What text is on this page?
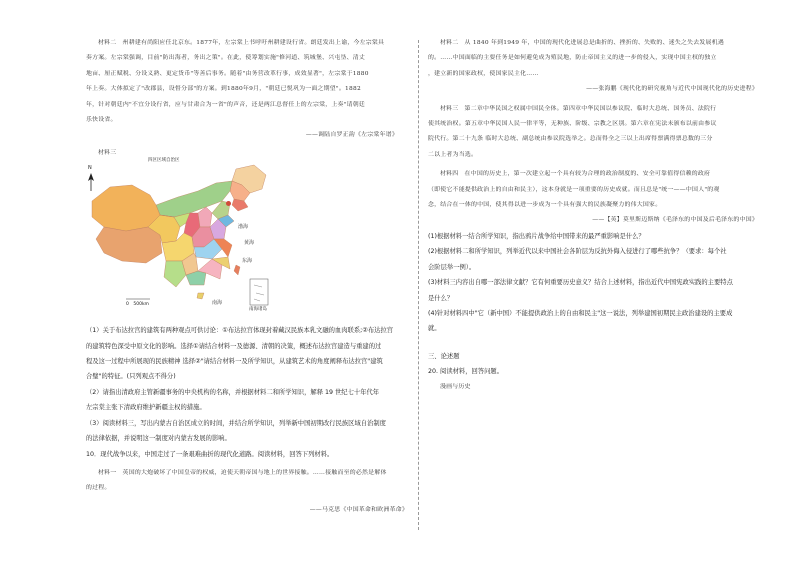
材料二　州耕建有尚阳应任北京东。1877年，左宗棠上书呼吁州耕建设行省。朗廷发出上谕，今左宗棠具

奏方案。左宗棠强调，目前"防出海者，务出之策"。在此，使筹划实施"修河道、筑城堡、兴屯垦、清丈

地亩、厘正赋税、分设义熟、更定货币"等善后事务。随着"由务营改革行事，成效显著"，左宗棠于1880

年上奏。大体拟定了"改郡县，设督分部"的方案。到1880年9月，"朝廷已悦巩为一面之期望"。1882

年，针对朝廷内"不宜分设行省，应与甘肃合为一省"的声音，还是两江总督任上的左宗棠，上奏"请朝廷

乐快设省。

——调陆自罗正韵《左宗棠年谱》

材料三

N
四区区域自治区
渤海
黄海
东海
南海
南海诸岛
0　500km

（1）关于布达拉宫的建筑有两种观点可供讨论：①布达拉宫体现封着藏汉民族本乳文融的血肉联系;②布达拉宫

的建筑特色深受中原文化的影响。选择①请结合材料一及德源、清朝的决策，概述布达拉宫建造与重建的过

程及这一过程中所展现的民族精神 选择②"请结合材料一及所学知识，从建筑艺术的角度阐释布达拉宫"建筑

合璧"的特征。(只列观点不得分)

（2）请指出清政府主管新疆事务的中央机构的名称，并根据材料二和所学知识，解释 19 世纪七十年代年

左宗棠主张下清政府维护新疆主权的措施。

（3）阅读材料三，写出内蒙古自治区成立的时间，并结合所学知识，列举新中国初期改行民族区域自治制度

的法律依据，并说明这一制度对内蒙古发展的影响。

10．现代战争以来，中国走过了一条艰难曲折的现代化道路。阅读材料，回答下列材料。

材料一　英国的大炮破坏了中国皇帝的权威，迫使天朝帝国与地上的世界接触。……接触而至的必然是解体

的过程。

——马克思《中国革命和欧洲革命》

材料二　从 1840 年到1949 年，中国的现代化进展总是曲折的、挫折的、失败的、迷失之失去发展机遇

的。……中国面临的主要任务是如何避免成为殖民地，防止帝国主义的进一步的侵入，实现中国主权的独立

，建立新的国家政权，使国家民主化……

——张海鹏《现代化的研究视角与近代中国现代化的历史进程》

材料三　第二章中华民国之权属中国民全体。第四章中华民国以参议院、临时大总统、国务员、法院行

使其统治权。第五章中华民国人民一律平等，无种族、阶级、宗教之区别。第六章在宪法未颁布以前由参议

院代行。第二十九条 临时大总统、副总统由参议院选举之。总而得全之三以上出席得票满得票总数的三分

二以上者为当选。

材料四　在中国的历史上，第一次建立起一个具有较为合理的政治制度的、安全可靠值得信赖的政府

（即使它不能提供政治上的自由和民主），这本身就是一项重要的历史成就。而且总是"统一——中国人"的观

念，结合在一体的中国，使其得以进一步成为一个具有强大的民族凝聚力的伟大国家。

——【英】莫里斯迈斯纳《毛泽东的中国及后毛泽东的中国》

(1)根据材料一结合所学知识，指出鸦片战争给中国带来的最严重影响是什么？

(2)根据材料二和所学知识，列举近代以来中国社会各阶层为反抗外侮入侵进行了哪些抗争？（要求：每个社

会阶层举一例）。

(3)材料三内容出自哪一部法律文献？它有何重要历史意义？结合上述材料，指出近代中国宪政实践的主要特点

是什么？

(4)针对材料四中"它（新中国）不能提供政治上的自由和民主"这一说法，列举建国初期民主政治建设的主要成

就。

三、论述题

20. 阅读材料，回答问题。

漫画与历史
